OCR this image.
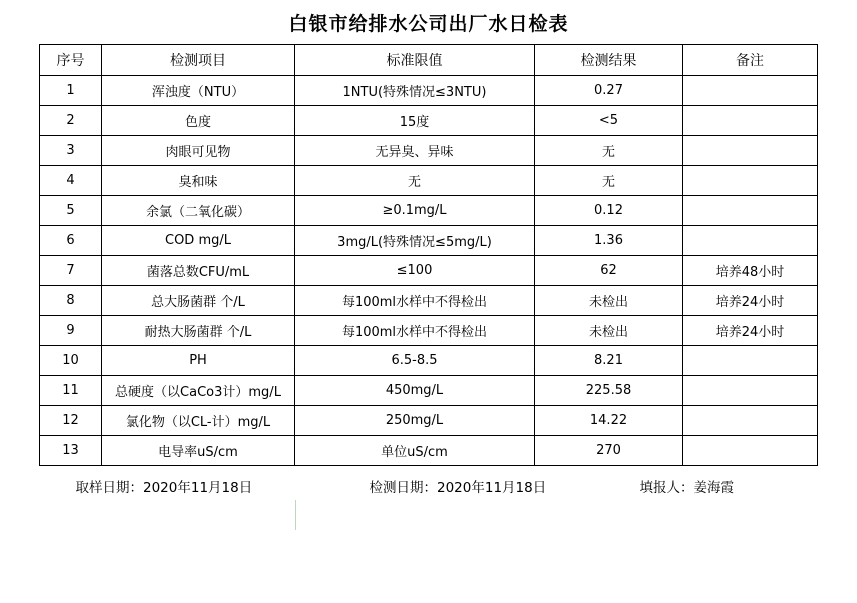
白银市给排水公司出厂水日检表
序号	检测项目	标准限值	检测结果	备注
1	浑浊度（NTU）	1NTU(特殊情况≤3NTU)	0.27	
2	色度	15度	<5	
3	肉眼可见物	无异臭、异味	无	
4	臭和味	无	无	
5	余氯（二氧化碳）	≥0.1mg/L	0.12	
6	COD mg/L	3mg/L(特殊情况≤5mg/L)	1.36	
7	菌落总数CFU/mL	≤100	62	培养48小时
8	总大肠菌群 个/L	每100ml水样中不得检出	未检出	培养24小时
9	耐热大肠菌群 个/L	每100ml水样中不得检出	未检出	培养24小时
10	PH	6.5-8.5	8.21	
11	总硬度（以CaCo3计）mg/L	450mg/L	225.58	
12	氯化物（以CL-计）mg/L	250mg/L	14.22	
13	电导率uS/cm	单位uS/cm	270	
取样日期：2020年11月18日	检测日期：2020年11月18日	填报人：姜海霞
